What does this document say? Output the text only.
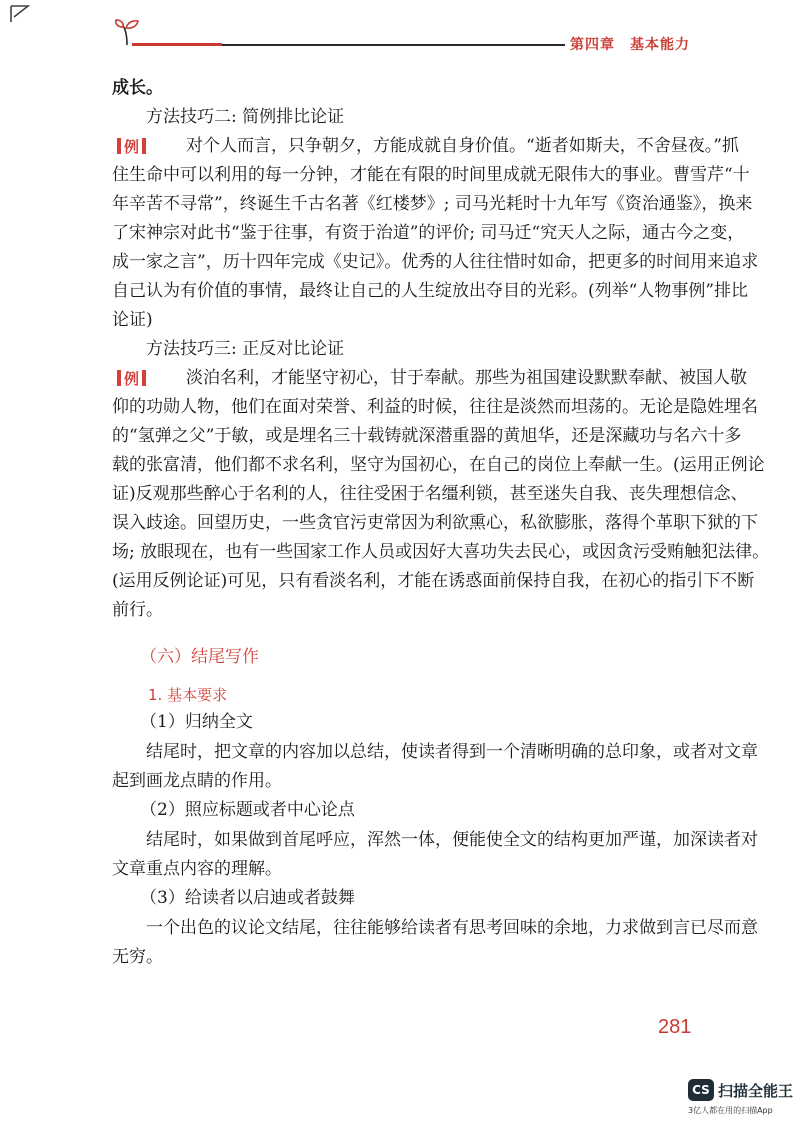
第四章　基本能力
成长。
方法技巧二: 简例排比论证
例	对个人而言，只争朝夕，方能成就自身价值。“逝者如斯夫，不舍昼夜。”抓
住生命中可以利用的每一分钟，才能在有限的时间里成就无限伟大的事业。曹雪芹“十
年辛苦不寻常”，终诞生千古名著《红楼梦》; 司马光耗时十九年写《资治通鉴》，换来
了宋神宗对此书“鉴于往事，有资于治道”的评价; 司马迁“究天人之际，通古今之变，
成一家之言”，历十四年完成《史记》。优秀的人往往惜时如命，把更多的时间用来追求
自己认为有价值的事情，最终让自己的人生绽放出夺目的光彩。(列举“人物事例”排比
论证)
方法技巧三: 正反对比论证
例	淡泊名利，才能坚守初心，甘于奉献。那些为祖国建设默默奉献、被国人敬
仰的功勋人物，他们在面对荣誉、利益的时候，往往是淡然而坦荡的。无论是隐姓埋名
的“氢弹之父”于敏，或是埋名三十载铸就深潜重器的黄旭华，还是深藏功与名六十多
载的张富清，他们都不求名利，坚守为国初心，在自己的岗位上奉献一生。(运用正例论
证)反观那些醉心于名利的人，往往受困于名缰利锁，甚至迷失自我、丧失理想信念、
误入歧途。回望历史，一些贪官污吏常因为利欲熏心，私欲膨胀，落得个革职下狱的下
场; 放眼现在，也有一些国家工作人员或因好大喜功失去民心，或因贪污受贿触犯法律。
(运用反例论证)可见，只有看淡名利，才能在诱惑面前保持自我，在初心的指引下不断
前行。
（六）结尾写作
1. 基本要求
（1）归纳全文
结尾时，把文章的内容加以总结，使读者得到一个清晰明确的总印象，或者对文章
起到画龙点睛的作用。
（2）照应标题或者中心论点
结尾时，如果做到首尾呼应，浑然一体，便能使全文的结构更加严谨，加深读者对
文章重点内容的理解。
（3）给读者以启迪或者鼓舞
一个出色的议论文结尾，往往能够给读者有思考回味的余地，力求做到言已尽而意
无穷。
281
CS 扫描全能王
3亿人都在用的扫描App
